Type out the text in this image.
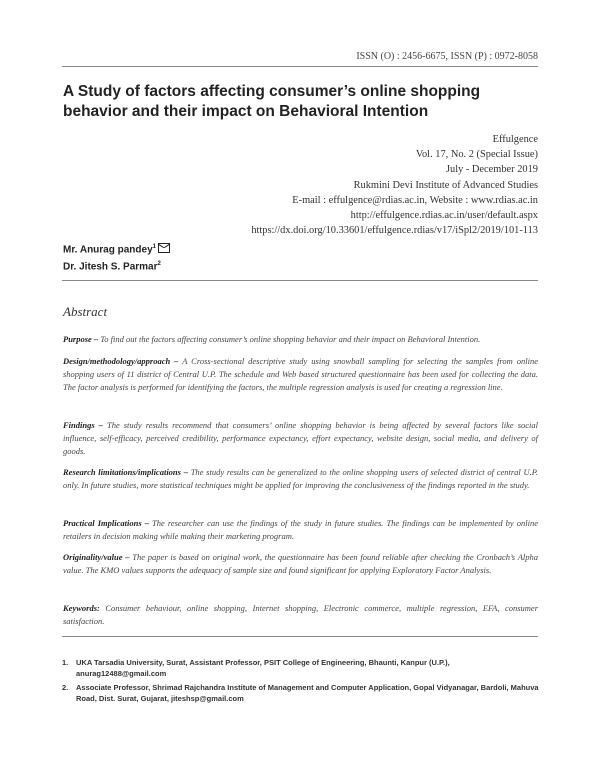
ISSN (O) : 2456-6675, ISSN (P) : 0972-8058
A Study of factors affecting consumer’s online shopping behavior and their impact on Behavioral Intention
Effulgence
Vol. 17, No. 2 (Special Issue)
July - December 2019
Rukmini Devi Institute of Advanced Studies
E-mail : effulgence@rdias.ac.in, Website : www.rdias.ac.in
http://effulgence.rdias.ac.in/user/default.aspx
https://dx.doi.org/10.33601/effulgence.rdias/v17/iSpl2/2019/101-113
Mr. Anurag pandey$^1$
Dr. Jitesh S. Parmar$^2$
Abstract

Purpose – To find out the factors affecting consumer’s online shopping behavior and their impact on Behavioral Intention.

Design/methodology/approach – A Cross-sectional descriptive study using snowball sampling for selecting the samples from online shopping users of 11 district of Central U.P. The schedule and Web based structured questionnaire has been used for collecting the data. The factor analysis is performed for identifying the factors, the multiple regression analysis is used for creating a regression line.

Findings – The study results recommend that consumers’ online shopping behavior is being affected by several factors like social influence, self-efficacy, perceived credibility, performance expectancy, effort expectancy, website design, social media, and delivery of goods.

Research limitations/implications – The study results can be generalized to the online shopping users of selected district of central U.P. only. In future studies, more statistical techniques might be applied for improving the conclusiveness of the findings reported in the study.

Practical Implications – The researcher can use the findings of the study in future studies. The findings can be implemented by online retailers in decision making while making their marketing program.

Originality/value – The paper is based on original work, the questionnaire has been found reliable after checking the Cronbach’s Alpha value. The KMO values supports the adequacy of sample size and found significant for applying Exploratory Factor Analysis.

Keywords: Consumer behaviour, online shopping, Internet shopping, Electronic commerce, multiple regression, EFA, consumer satisfaction.

1. UKA Tarsadia University, Surat, Assistant Professor, PSIT College of Engineering, Bhaunti, Kanpur (U.P.), anurag12488@gmail.com
2. Associate Professor, Shrimad Rajchandra Institute of Management and Computer Application, Gopal Vidyanagar, Bardoli, Mahuva Road, Dist. Surat, Gujarat, jiteshsp@gmail.com
